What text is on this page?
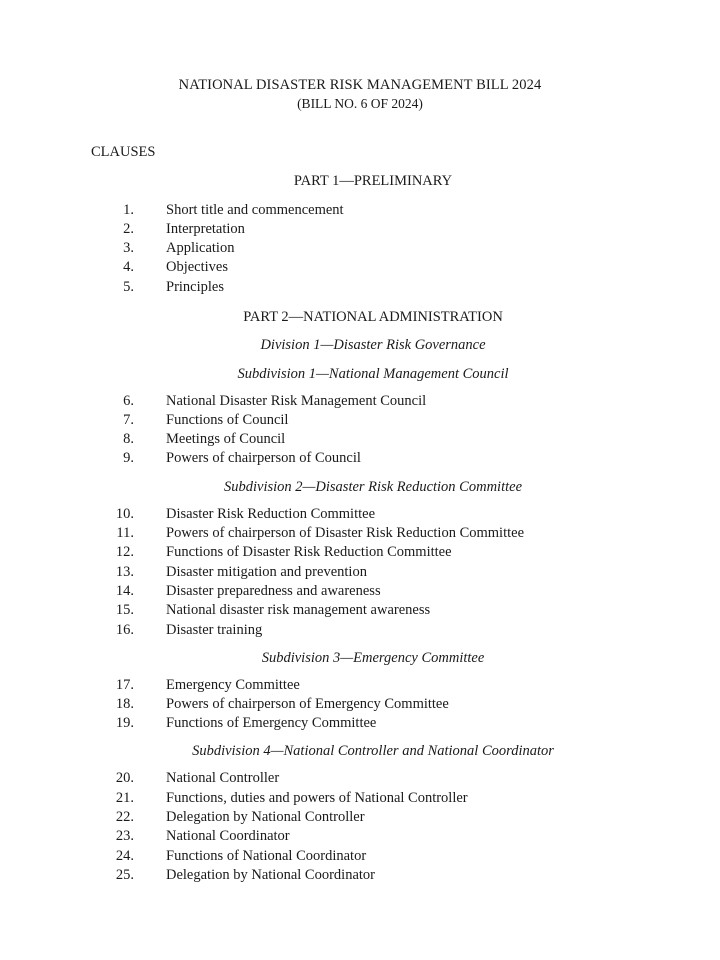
NATIONAL DISASTER RISK MANAGEMENT BILL 2024
(BILL NO. 6 OF 2024)
CLAUSES
PART 1—PRELIMINARY
1. Short title and commencement
2. Interpretation
3. Application
4. Objectives
5. Principles
PART 2—NATIONAL ADMINISTRATION
Division 1—Disaster Risk Governance
Subdivision 1—National Management Council
6. National Disaster Risk Management Council
7. Functions of Council
8. Meetings of Council
9. Powers of chairperson of Council
Subdivision 2—Disaster Risk Reduction Committee
10. Disaster Risk Reduction Committee
11. Powers of chairperson of Disaster Risk Reduction Committee
12. Functions of Disaster Risk Reduction Committee
13. Disaster mitigation and prevention
14. Disaster preparedness and awareness
15. National disaster risk management awareness
16. Disaster training
Subdivision 3—Emergency Committee
17. Emergency Committee
18. Powers of chairperson of Emergency Committee
19. Functions of Emergency Committee
Subdivision 4—National Controller and National Coordinator
20. National Controller
21. Functions, duties and powers of National Controller
22. Delegation by National Controller
23. National Coordinator
24. Functions of National Coordinator
25. Delegation by National Coordinator
